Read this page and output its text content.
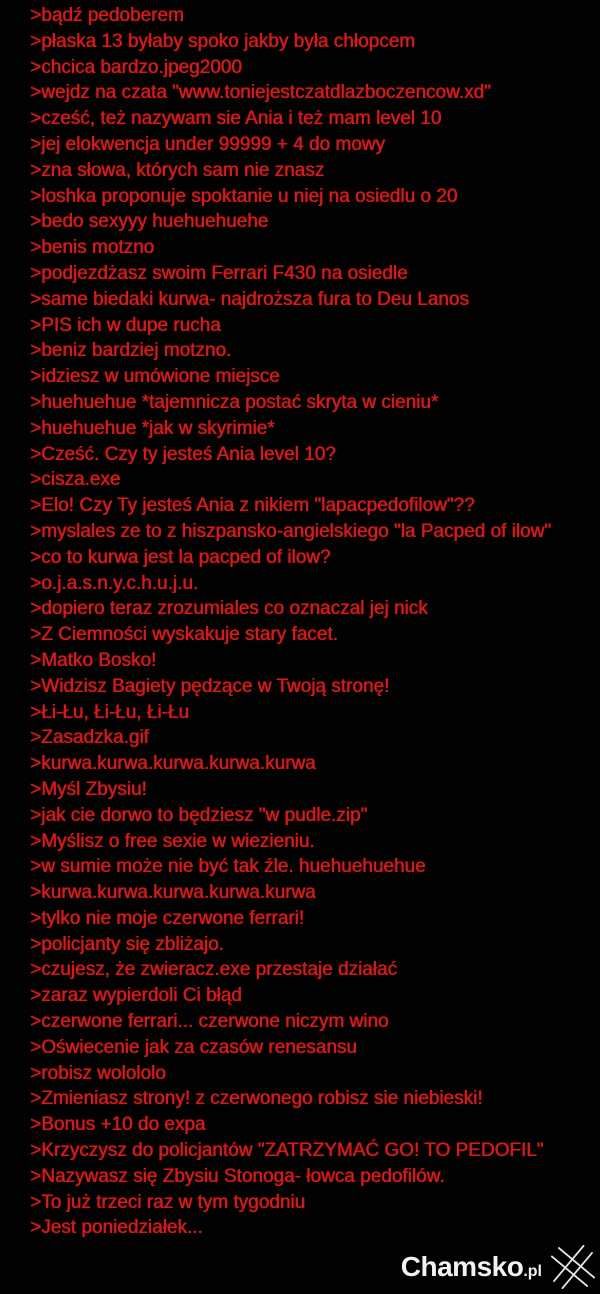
>bądź pedoberem
>płaska 13 byłaby spoko jakby była chłopcem
>chcica bardzo.jpeg2000
>wejdz na czata "www.toniejestczatdlazboczencow.xd"
>cześć, też nazywam sie Ania i też mam level 10
>jej elokwencja under 99999 + 4 do mowy
>zna słowa, których sam nie znasz
>loshka proponuje spoktanie u niej na osiedlu o 20
>bedo sexyyy huehuehuehe
>benis motzno
>podjezdżasz swoim Ferrari F430 na osiedle
>same biedaki kurwa- najdroższa fura to Deu Lanos
>PIS ich w dupe rucha
>beniz bardziej motzno.
>idziesz w umówione miejsce
>huehuehue *tajemnicza postać skryta w cieniu*
>huehuehue *jak w skyrimie*
>Cześć. Czy ty jesteś Ania level 10?
>cisza.exe
>Elo! Czy Ty jesteś Ania z nikiem "lapacpedofilow"??
>myslales ze to z hiszpansko-angielskiego "la Pacped of ilow"
>co to kurwa jest la pacped of ilow?
>o.j.a.s.n.y.c.h.u.j.u.
>dopiero teraz zrozumiales co oznaczal jej nick
>Z Ciemności wyskakuje stary facet.
>Matko Bosko!
>Widzisz Bagiety pędzące w Twoją stronę!
>Łi-Łu, Łi-Łu, Łi-Łu
>Zasadzka.gif
>kurwa.kurwa.kurwa.kurwa.kurwa
>Myśl Zbysiu!
>jak cie dorwo to będziesz "w pudle.zip"
>Myślisz o free sexie w wiezieniu.
>w sumie może nie być tak źle. huehuehuehue
>kurwa.kurwa.kurwa.kurwa.kurwa
>tylko nie moje czerwone ferrari!
>policjanty się zbliżajo.
>czujesz, że zwieracz.exe przestaje działać
>zaraz wypierdoli Ci błąd
>czerwone ferrari... czerwone niczym wino
>Oświecenie jak za czasów renesansu
>robisz wolololo
>Zmieniasz strony! z czerwonego robisz sie niebieski!
>Bonus +10 do expa
>Krzyczysz do policjantów "ZATRZYMAĆ GO! TO PEDOFIL"
>Nazywasz się Zbysiu Stonoga- łowca pedofilów.
>To już trzeci raz w tym tygodniu
>Jest poniedziałek...
Chamsko.pl
